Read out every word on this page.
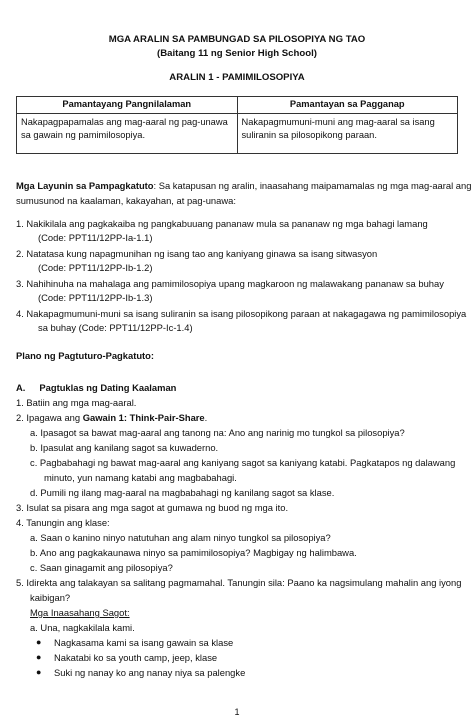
MGA ARALIN SA PAMBUNGAD SA PILOSOPIYA NG TAO
(Baitang 11 ng Senior High School)
ARALIN 1 - PAMIMILOSOPIYA
Pamantayang Pangnilalaman	Pamantayan sa Pagganap
Nakapagpapamalas ang mag-aaral ng pag-unawa sa gawain ng pamimilosopiya.	Nakapagmumuni-muni ang mag-aaral sa isang suliranin sa pilosopikong paraan.
Mga Layunin sa Pampagkatuto: Sa katapusan ng aralin, inaasahang maipamamalas ng mga mag-aaral ang
sumusunod na kaalaman, kakayahan, at pag-unawa:
1. Nakikilala ang pagkakaiba ng pangkabuuang pananaw mula sa pananaw ng mga bahagi lamang
(Code: PPT11/12PP-Ia-1.1)
2. Natatasa kung napagmunihan ng isang tao ang kaniyang ginawa sa isang sitwasyon
(Code: PPT11/12PP-Ib-1.2)
3. Nahihinuha na mahalaga ang pamimilosopiya upang magkaroon ng malawakang pananaw sa buhay
(Code: PPT11/12PP-Ib-1.3)
4. Nakapagmumuni-muni sa isang suliranin sa isang pilosopikong paraan at nakagagawa ng pamimilosopiya
sa buhay (Code: PPT11/12PP-Ic-1.4)
Plano ng Pagtuturo-Pagkatuto:
A. Pagtuklas ng Dating Kaalaman
1. Batiin ang mga mag-aaral.
2. Ipagawa ang Gawain 1: Think-Pair-Share.
a. Ipasagot sa bawat mag-aaral ang tanong na: Ano ang narinig mo tungkol sa pilosopiya?
b. Ipasulat ang kanilang sagot sa kuwaderno.
c. Pagbabahagi ng bawat mag-aaral ang kaniyang sagot sa kaniyang katabi. Pagkatapos ng dalawang
minuto, yun namang katabi ang magbabahagi.
d. Pumili ng ilang mag-aaral na magbabahagi ng kanilang sagot sa klase.
3. Isulat sa pisara ang mga sagot at gumawa ng buod ng mga ito.
4. Tanungin ang klase:
a. Saan o kanino ninyo natutuhan ang alam ninyo tungkol sa pilosopiya?
b. Ano ang pagkakaunawa ninyo sa pamimilosopiya? Magbigay ng halimbawa.
c. Saan ginagamit ang pilosopiya?
5. Idirekta ang talakayan sa salitang pagmamahal. Tanungin sila: Paano ka nagsimulang mahalin ang iyong
kaibigan?
Mga Inaasahang Sagot:
a. Una, nagkakilala kami.
● Nagkasama kami sa isang gawain sa klase
● Nakatabi ko sa youth camp, jeep, klase
● Suki ng nanay ko ang nanay niya sa palengke
1
